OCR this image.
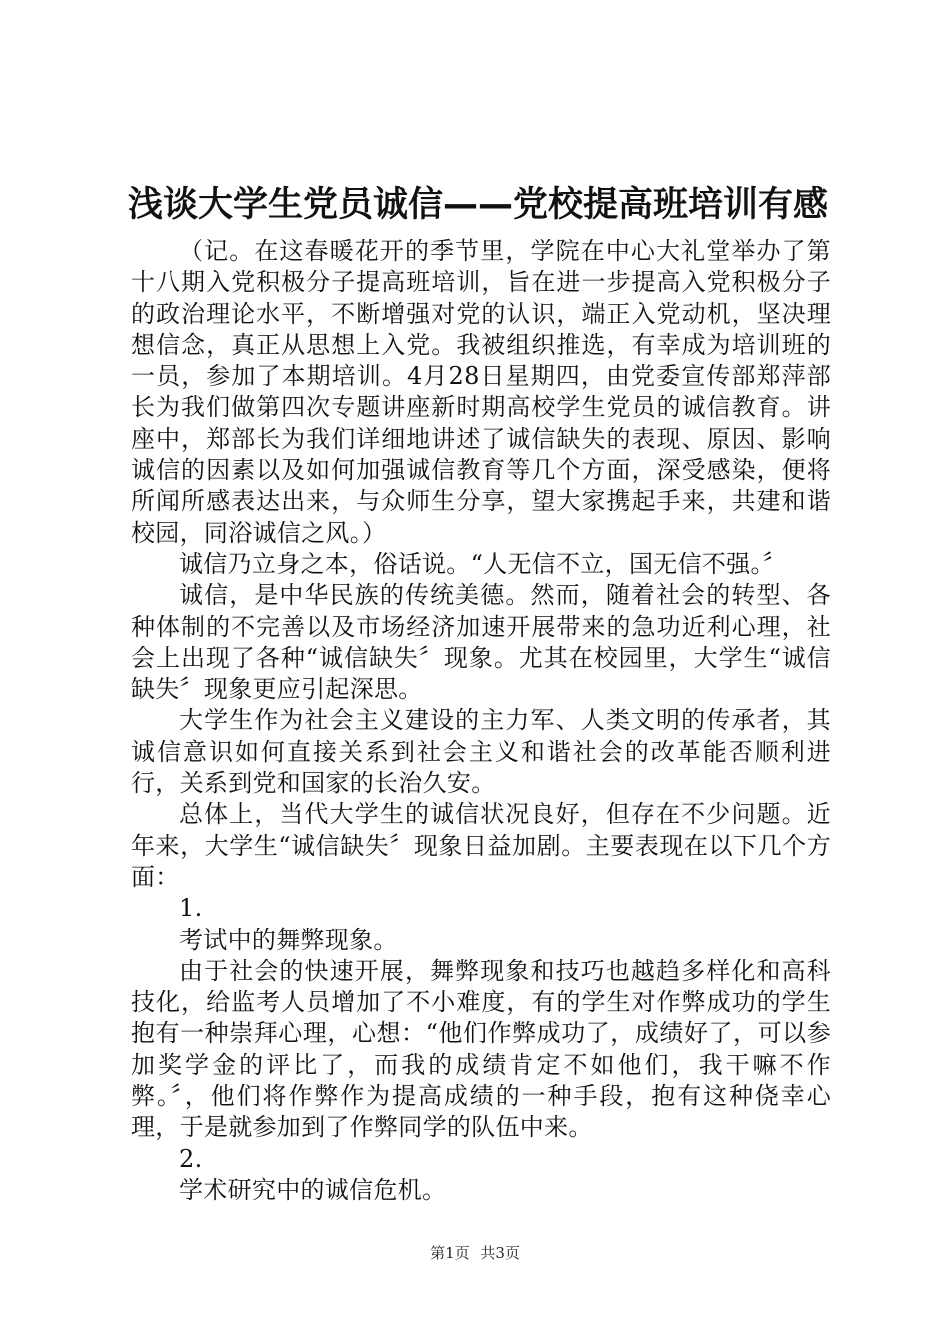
浅谈大学生党员诚信——党校提高班培训有感

（记。在这春暖花开的季节里，学院在中心大礼堂举办了第十八期入党积极分子提高班培训，旨在进一步提高入党积极分子的政治理论水平，不断增强对党的认识，端正入党动机，坚决理想信念，真正从思想上入党。我被组织推选，有幸成为培训班的一员，参加了本期培训。4月28日星期四，由党委宣传部郑萍部长为我们做第四次专题讲座新时期高校学生党员的诚信教育。讲座中，郑部长为我们详细地讲述了诚信缺失的表现、原因、影响诚信的因素以及如何加强诚信教育等几个方面，深受感染，便将所闻所感表达出来，与众师生分享，望大家携起手来，共建和谐校园，同浴诚信之风。）

诚信乃立身之本，俗话说。“人无信不立，国无信不强。〞

诚信，是中华民族的传统美德。然而，随着社会的转型、各种体制的不完善以及市场经济加速开展带来的急功近利心理，社会上出现了各种“诚信缺失〞现象。尤其在校园里，大学生“诚信缺失〞现象更应引起深思。

大学生作为社会主义建设的主力军、人类文明的传承者，其诚信意识如何直接关系到社会主义和谐社会的改革能否顺利进行，关系到党和国家的长治久安。

总体上，当代大学生的诚信状况良好，但存在不少问题。近年来，大学生“诚信缺失〞现象日益加剧。主要表现在以下几个方面：

1.

考试中的舞弊现象。

由于社会的快速开展，舞弊现象和技巧也越趋多样化和高科技化，给监考人员增加了不小难度，有的学生对作弊成功的学生抱有一种崇拜心理，心想：“他们作弊成功了，成绩好了，可以参加奖学金的评比了，而我的成绩肯定不如他们，我干嘛不作弊。〞，他们将作弊作为提高成绩的一种手段，抱有这种侥幸心理，于是就参加到了作弊同学的队伍中来。

2.

学术研究中的诚信危机。

第1页 共3页
